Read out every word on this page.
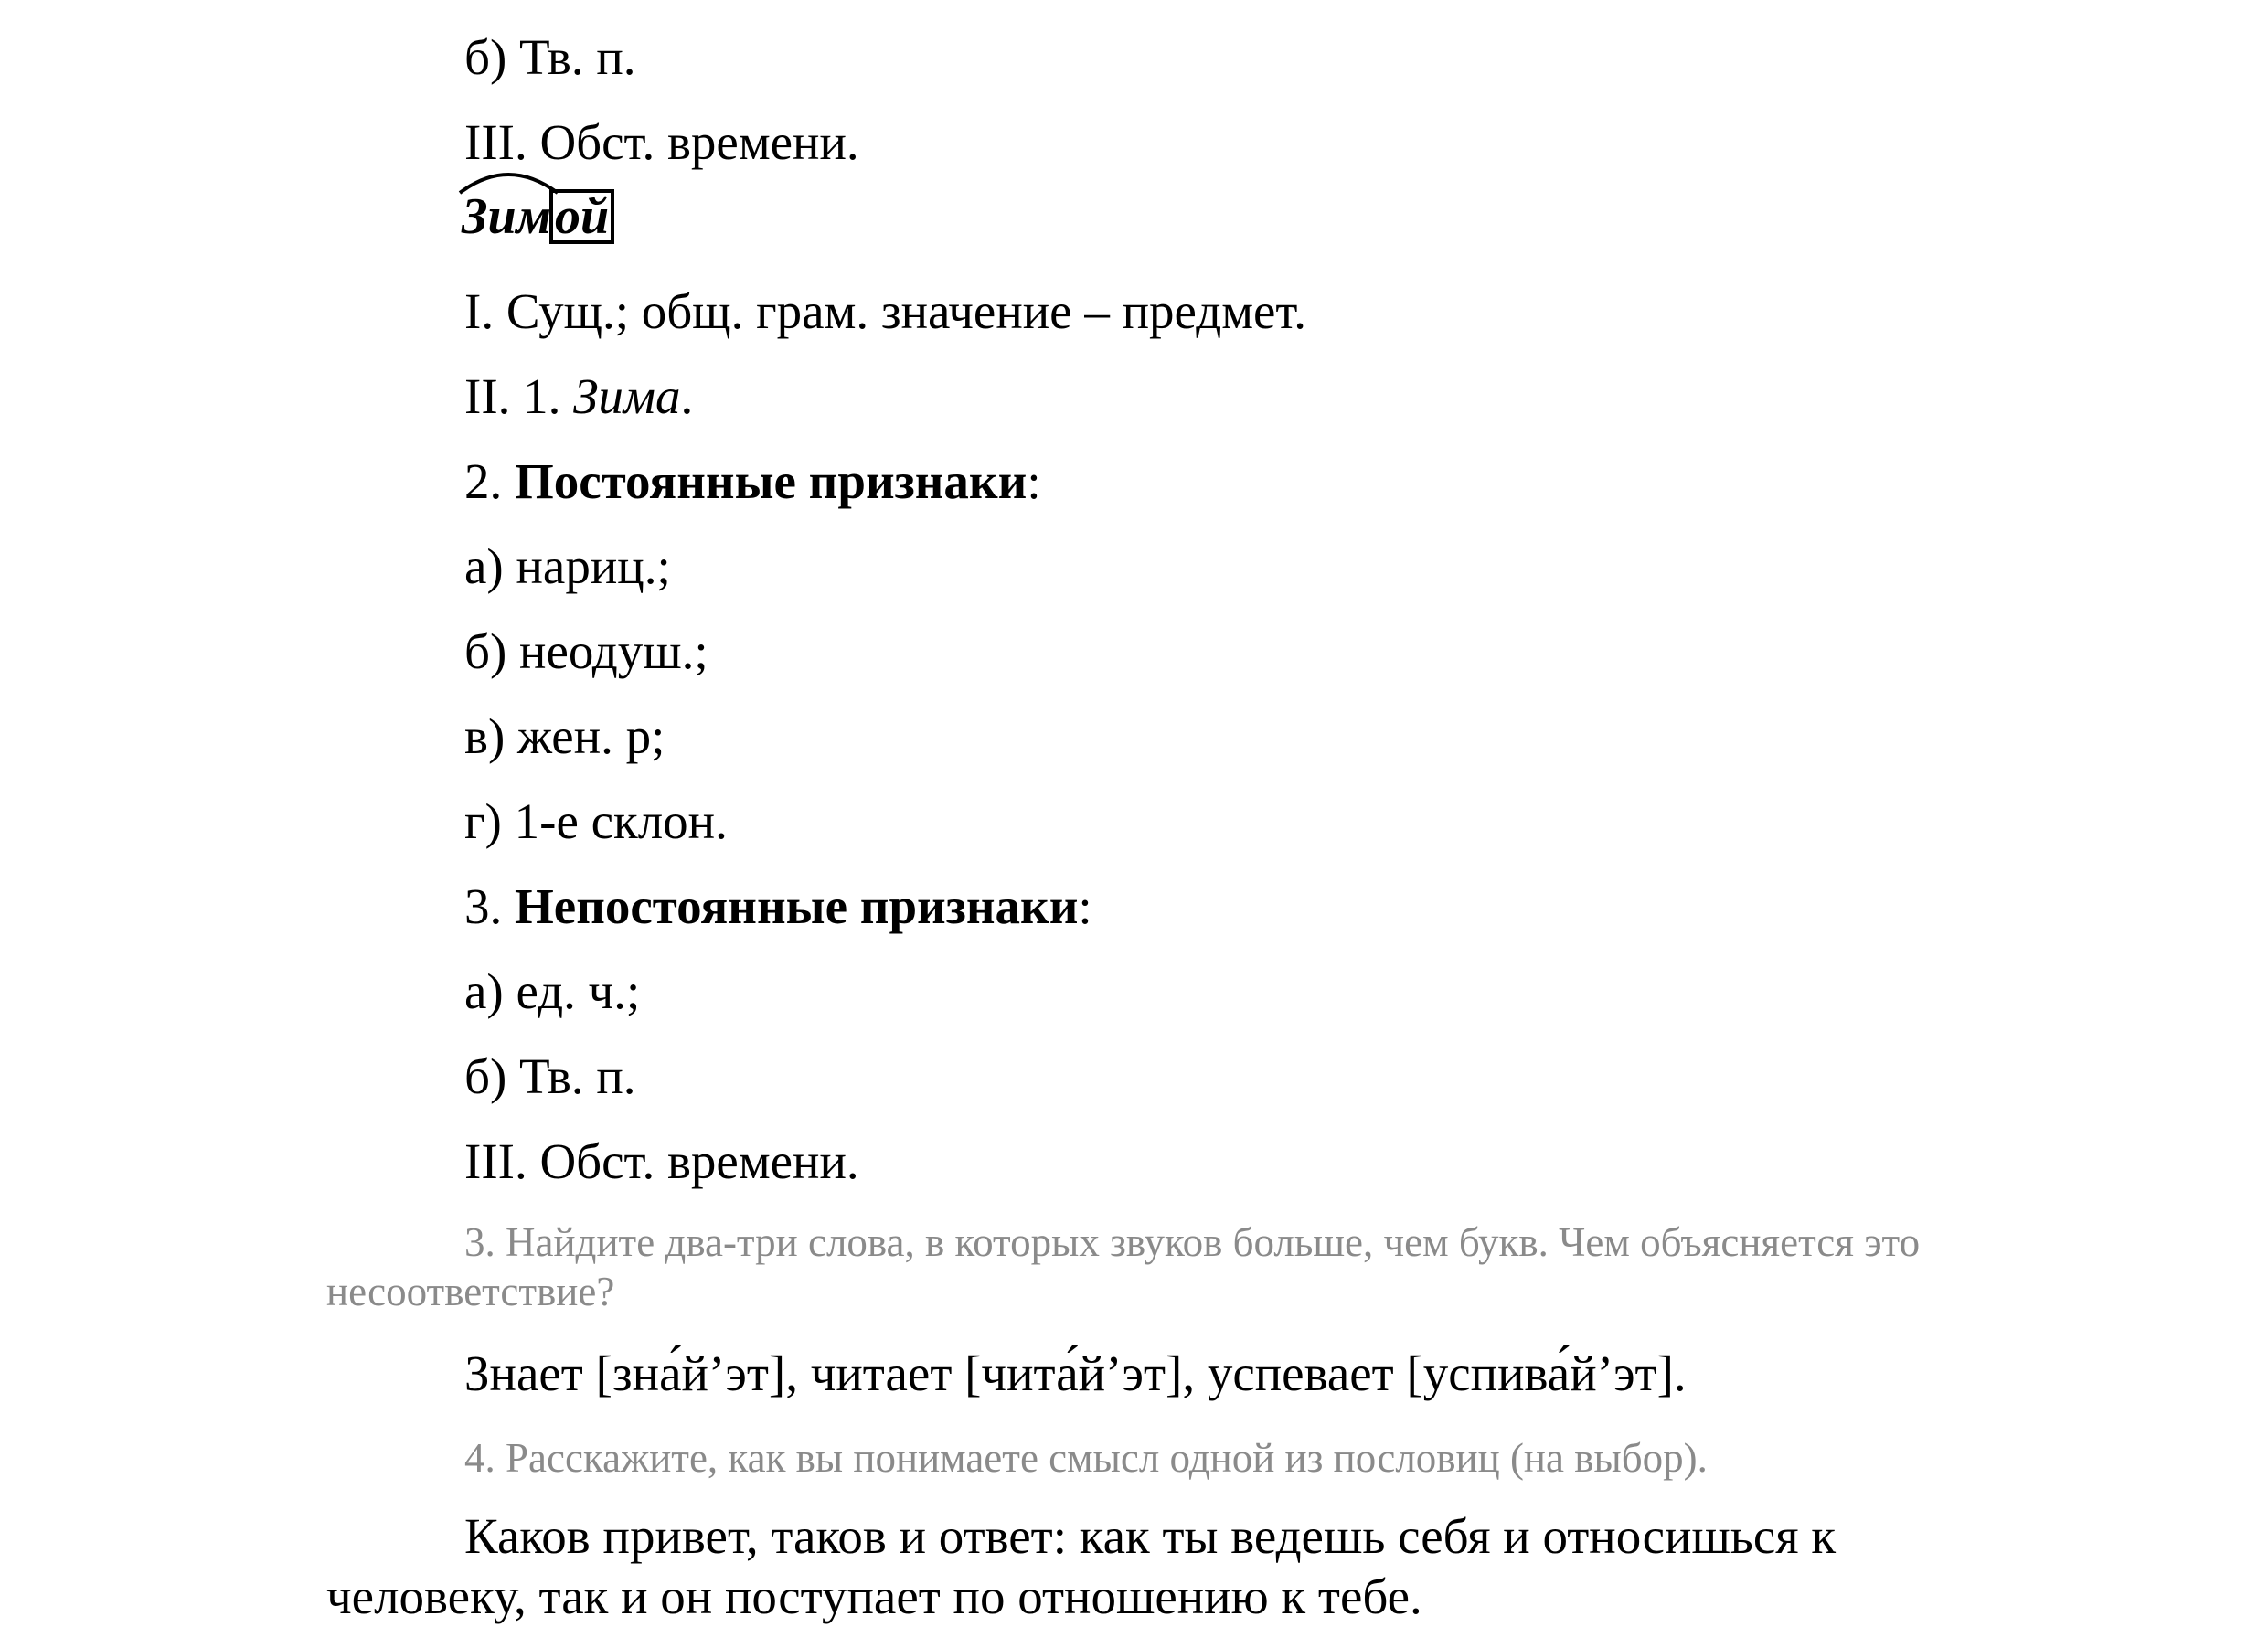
б) Тв. п.
III. Обст. времени.
Зимой
I. Сущ.; общ. грам. значение – предмет.
II. 1. Зима.
2. Постоянные признаки:
а) нариц.;
б) неодуш.;
в) жен. р;
г) 1-е склон.
3. Непостоянные признаки:
а) ед. ч.;
б) Тв. п.
III. Обст. времени.
3. Найдите два-три слова, в которых звуков больше, чем букв. Чем объясняется это
несоответствие?
Знает [зна́й’эт], читает [чита́й’эт], успевает [успива́й’эт].
4. Расскажите, как вы понимаете смысл одной из пословиц (на выбор).
Каков привет, таков и ответ: как ты ведешь себя и относишься к
человеку, так и он поступает по отношению к тебе.
